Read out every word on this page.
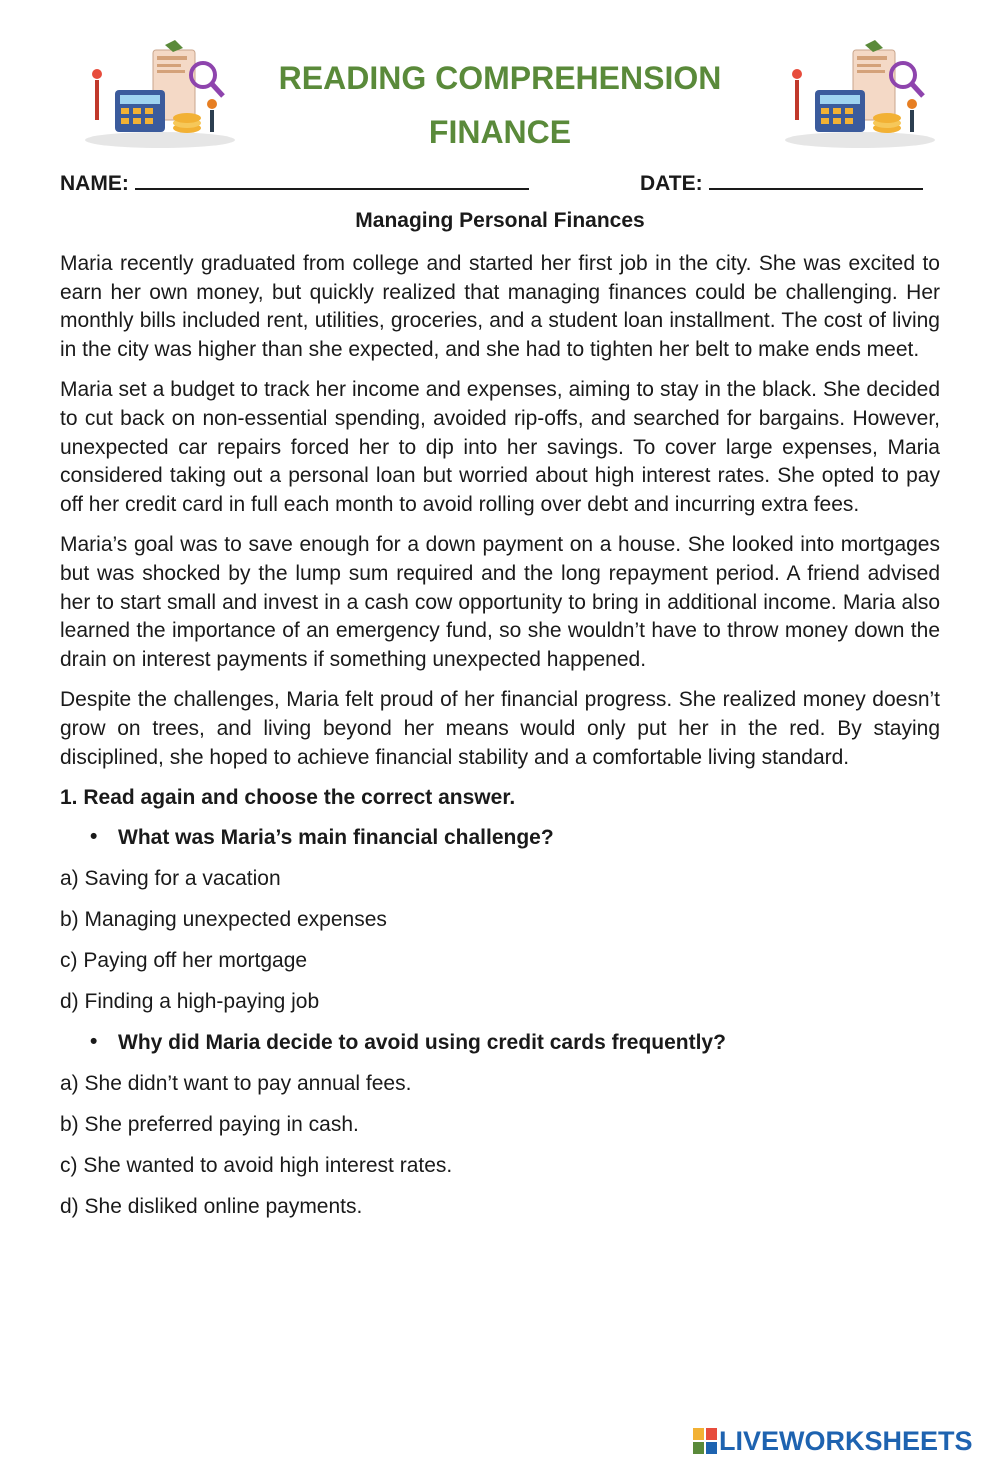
READING COMPREHENSION
FINANCE
NAME:	DATE:
Managing Personal Finances

Maria recently graduated from college and started her first job in the city. She was excited to earn her own money, but quickly realized that managing finances could be challenging. Her monthly bills included rent, utilities, groceries, and a student loan installment. The cost of living in the city was higher than she expected, and she had to tighten her belt to make ends meet.

Maria set a budget to track her income and expenses, aiming to stay in the black. She decided to cut back on non-essential spending, avoided rip-offs, and searched for bargains. However, unexpected car repairs forced her to dip into her savings. To cover large expenses, Maria considered taking out a personal loan but worried about high interest rates. She opted to pay off her credit card in full each month to avoid rolling over debt and incurring extra fees.

Maria’s goal was to save enough for a down payment on a house. She looked into mortgages but was shocked by the lump sum required and the long repayment period. A friend advised her to start small and invest in a cash cow opportunity to bring in additional income. Maria also learned the importance of an emergency fund, so she wouldn’t have to throw money down the drain on interest payments if something unexpected happened.

Despite the challenges, Maria felt proud of her financial progress. She realized money doesn’t grow on trees, and living beyond her means would only put her in the red. By staying disciplined, she hoped to achieve financial stability and a comfortable living standard.

1. Read again and choose the correct answer.
• What was Maria’s main financial challenge?
a) Saving for a vacation
b) Managing unexpected expenses
c) Paying off her mortgage
d) Finding a high-paying job
• Why did Maria decide to avoid using credit cards frequently?
a) She didn’t want to pay annual fees.
b) She preferred paying in cash.
c) She wanted to avoid high interest rates.
d) She disliked online payments.
LIVEWORKSHEETS
